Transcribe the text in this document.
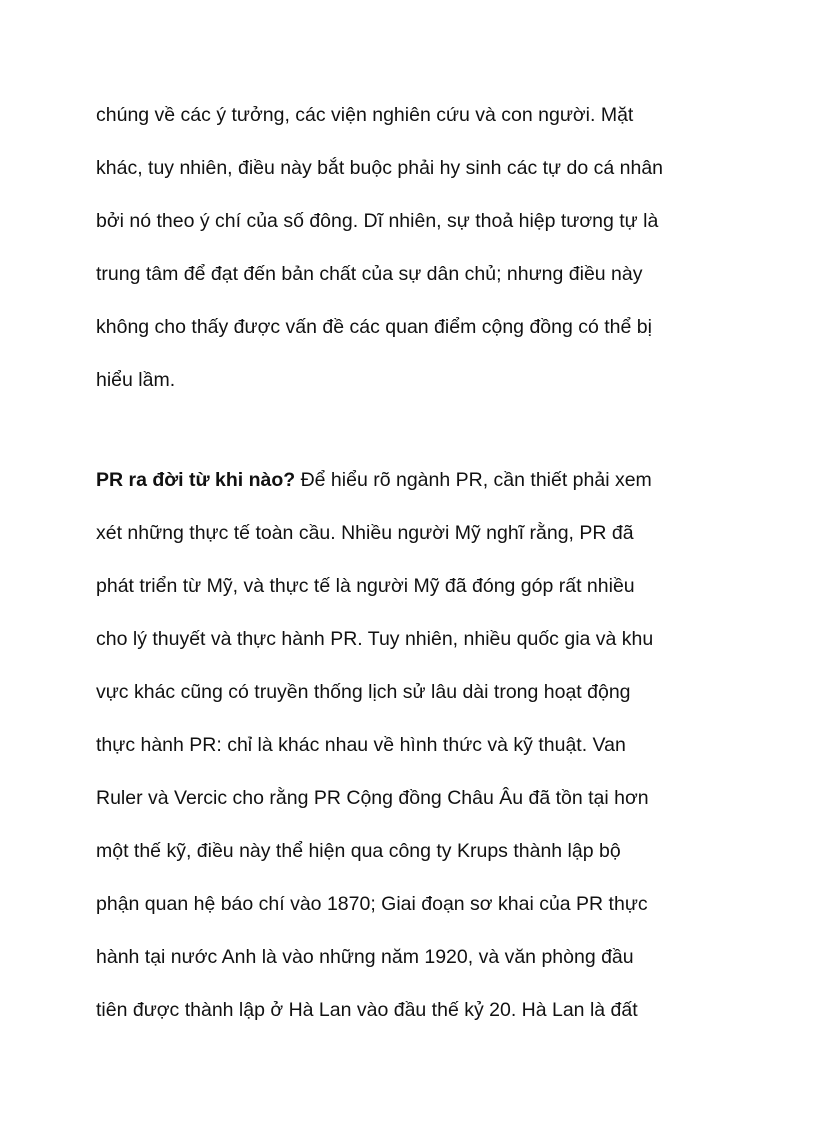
chúng về các ý tưởng, các viện nghiên cứu và con người. Mặt

khác, tuy nhiên, điều này bắt buộc phải hy sinh các tự do cá nhân

bởi nó theo ý chí của số đông. Dĩ nhiên, sự thoả hiệp tương tự là

trung tâm để đạt đến bản chất của sự dân chủ; nhưng điều này

không cho thấy được vấn đề các quan điểm cộng đồng có thể bị

hiểu lầm.

PR ra đời từ khi nào? Để hiểu rõ ngành PR, cần thiết phải xem

xét những thực tế toàn cầu. Nhiều người Mỹ nghĩ rằng, PR đã

phát triển từ Mỹ, và thực tế là người Mỹ đã đóng góp rất nhiều

cho lý thuyết và thực hành PR. Tuy nhiên, nhiều quốc gia và khu

vực khác cũng có truyền thống lịch sử lâu dài trong hoạt động

thực hành PR: chỉ là khác nhau về hình thức và kỹ thuật. Van

Ruler và Vercic cho rằng PR Cộng đồng Châu Âu đã tồn tại hơn

một thế kỹ, điều này thể hiện qua công ty Krups thành lập bộ

phận quan hệ báo chí vào 1870; Giai đoạn sơ khai của PR thực

hành tại nước Anh là vào những năm 1920, và văn phòng đầu

tiên được thành lập ở Hà Lan vào đầu thế kỷ 20. Hà Lan là đất
